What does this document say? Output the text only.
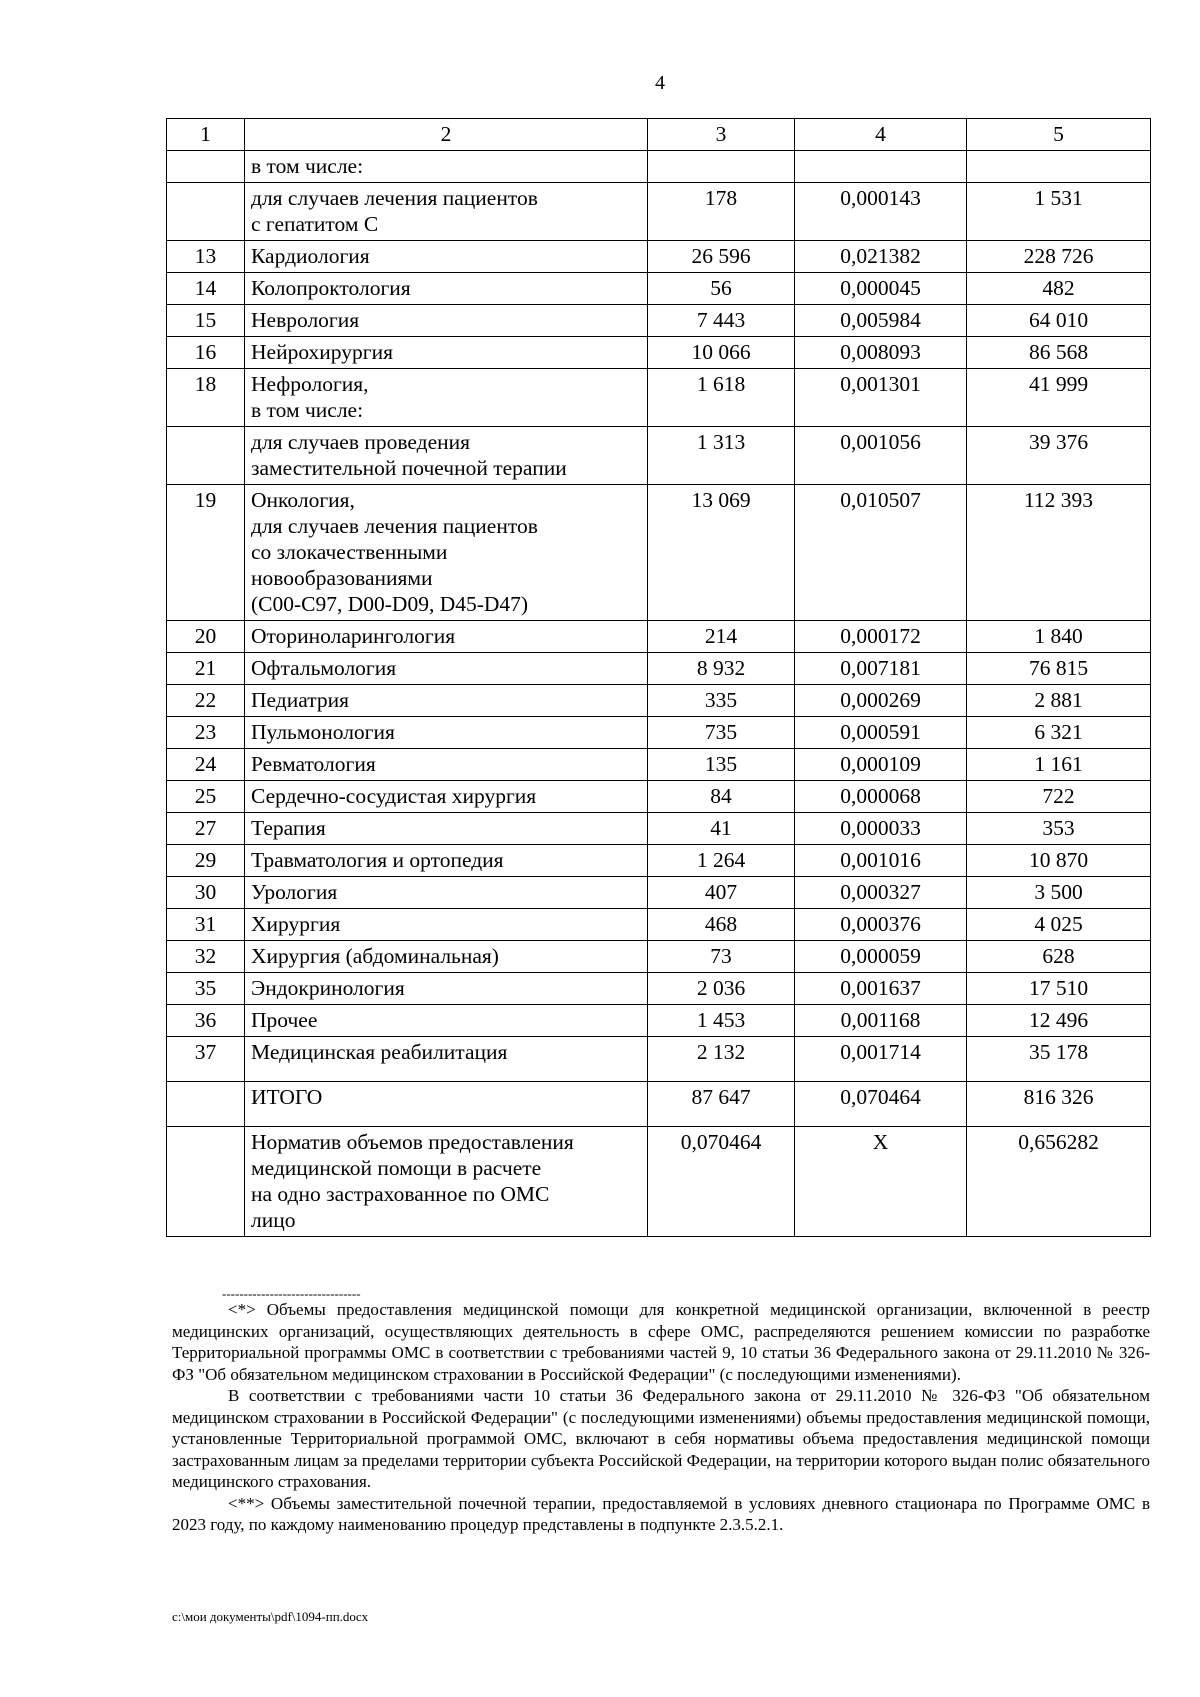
4
1	2	3	4	5
	в том числе:			
	для случаев лечения пациентов
с гепатитом С	178	0,000143	1 531
13	Кардиология	26 596	0,021382	228 726
14	Колопроктология	56	0,000045	482
15	Неврология	7 443	0,005984	64 010
16	Нейрохирургия	10 066	0,008093	86 568
18	Нефрология,
в том числе:	1 618	0,001301	41 999
	для случаев проведения
заместительной почечной терапии	1 313	0,001056	39 376
19	Онкология,
для случаев лечения пациентов
со злокачественными
новообразованиями
(C00-C97, D00-D09, D45-D47)	13 069	0,010507	112 393
20	Оториноларингология	214	0,000172	1 840
21	Офтальмология	8 932	0,007181	76 815
22	Педиатрия	335	0,000269	2 881
23	Пульмонология	735	0,000591	6 321
24	Ревматология	135	0,000109	1 161
25	Сердечно-сосудистая хирургия	84	0,000068	722
27	Терапия	41	0,000033	353
29	Травматология и ортопедия	1 264	0,001016	10 870
30	Урология	407	0,000327	3 500
31	Хирургия	468	0,000376	4 025
32	Хирургия (абдоминальная)	73	0,000059	628
35	Эндокринология	2 036	0,001637	17 510
36	Прочее	1 453	0,001168	12 496
37	Медицинская реабилитация	2 132	0,001714	35 178
	ИТОГО	87 647	0,070464	816 326
	Норматив объемов предоставления
медицинской помощи в расчете
на одно застрахованное по ОМС
лицо	0,070464	Х	0,656282
--------------------------------

<*> Объемы предоставления медицинской помощи для конкретной медицинской организации, включенной в реестр медицинских организаций, осуществляющих деятельность в сфере ОМС, распределяются решением комиссии по разработке Территориальной программы ОМС в соответствии с требованиями частей 9, 10 статьи 36 Федерального закона от 29.11.2010 № 326-ФЗ "Об обязательном медицинском страховании в Российской Федерации" (с последующими изменениями).

В соответствии с требованиями части 10 статьи 36 Федерального закона от 29.11.2010 № 326-ФЗ "Об обязательном медицинском страховании в Российской Федерации" (с последующими изменениями) объемы предоставления медицинской помощи, установленные Территориальной программой ОМС, включают в себя нормативы объема предоставления медицинской помощи застрахованным лицам за пределами территории субъекта Российской Федерации, на территории которого выдан полис обязательного медицинского страхования.

<**> Объемы заместительной почечной терапии, предоставляемой в условиях дневного стационара по Программе ОМС в 2023 году, по каждому наименованию процедур представлены в подпункте 2.3.5.2.1.

c:\мои документы\pdf\1094-пп.docx
